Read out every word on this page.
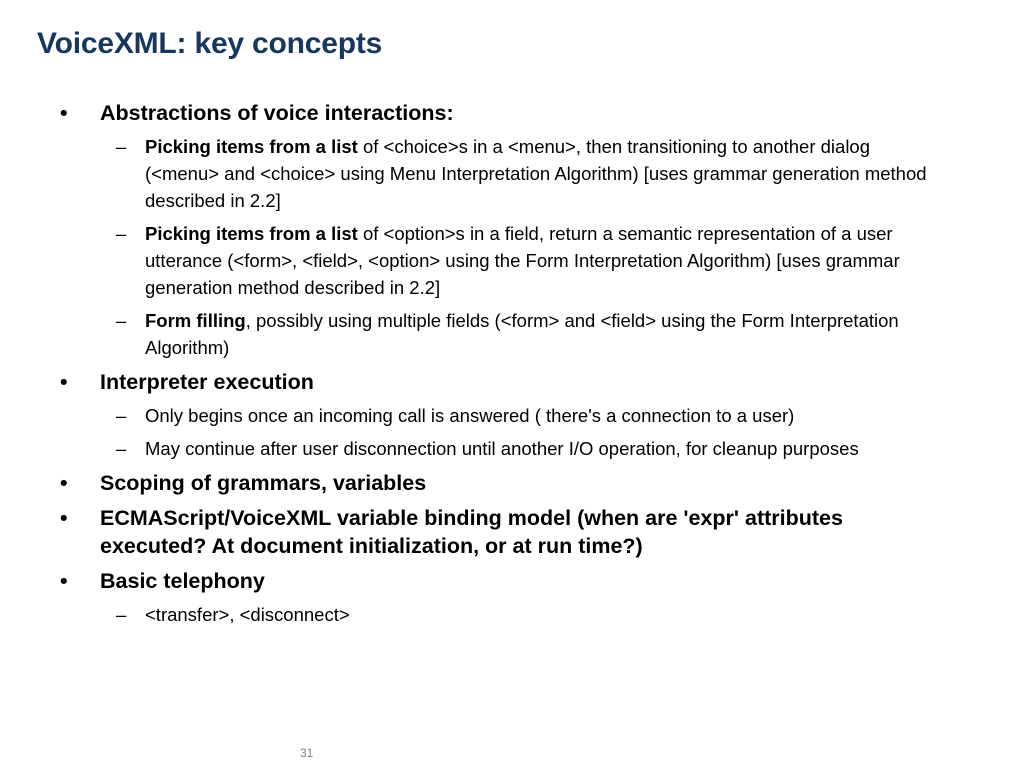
VoiceXML: key concepts
• Abstractions of voice interactions:
– Picking items from a list of <choice>s in a <menu>, then transitioning to another dialog (<menu> and <choice> using Menu Interpretation Algorithm) [uses grammar generation method described in 2.2]
– Picking items from a list of <option>s in a field, return a semantic representation of a user utterance (<form>, <field>, <option> using the Form Interpretation Algorithm) [uses grammar generation method described in 2.2]
– Form filling, possibly using multiple fields (<form> and <field> using the Form Interpretation Algorithm)
• Interpreter execution
– Only begins once an incoming call is answered ( there's a connection to a user)
– May continue after user disconnection until another I/O operation, for cleanup purposes
• Scoping of grammars, variables
• ECMAScript/VoiceXML variable binding model (when are 'expr' attributes executed? At document initialization, or at run time?)
• Basic telephony
– <transfer>, <disconnect>
31
